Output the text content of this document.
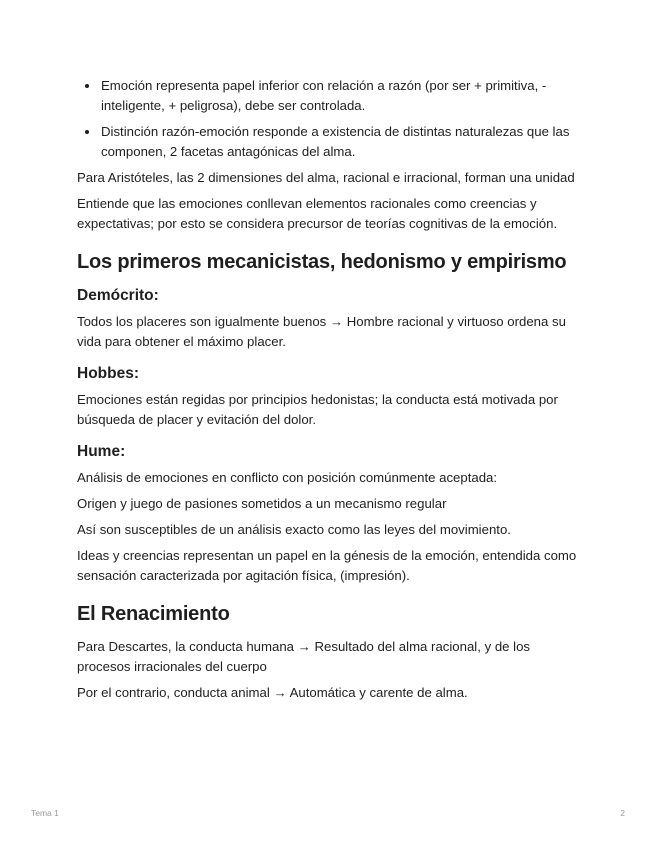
• Emoción representa papel inferior con relación a razón (por ser + primitiva, - inteligente, + peligrosa), debe ser controlada.
• Distinción razón-emoción responde a existencia de distintas naturalezas que las componen, 2 facetas antagónicas del alma.

Para Aristóteles, las 2 dimensiones del alma, racional e irracional, forman una unidad

Entiende que las emociones conllevan elementos racionales como creencias y expectativas; por esto se considera precursor de teorías cognitivas de la emoción.

Los primeros mecanicistas, hedonismo y empirismo
Demócrito:

Todos los placeres son igualmente buenos → Hombre racional y virtuoso ordena su vida para obtener el máximo placer.

Hobbes:

Emociones están regidas por principios hedonistas; la conducta está motivada por búsqueda de placer y evitación del dolor.

Hume:

Análisis de emociones en conflicto con posición comúnmente aceptada:

Origen y juego de pasiones sometidos a un mecanismo regular

Así son susceptibles de un análisis exacto como las leyes del movimiento.

Ideas y creencias representan un papel en la génesis de la emoción, entendida como sensación caracterizada por agitación física, (impresión).

El Renacimiento

Para Descartes, la conducta humana → Resultado del alma racional, y de los procesos irracionales del cuerpo

Por el contrario, conducta animal → Automática y carente de alma.

Tema 1	2
